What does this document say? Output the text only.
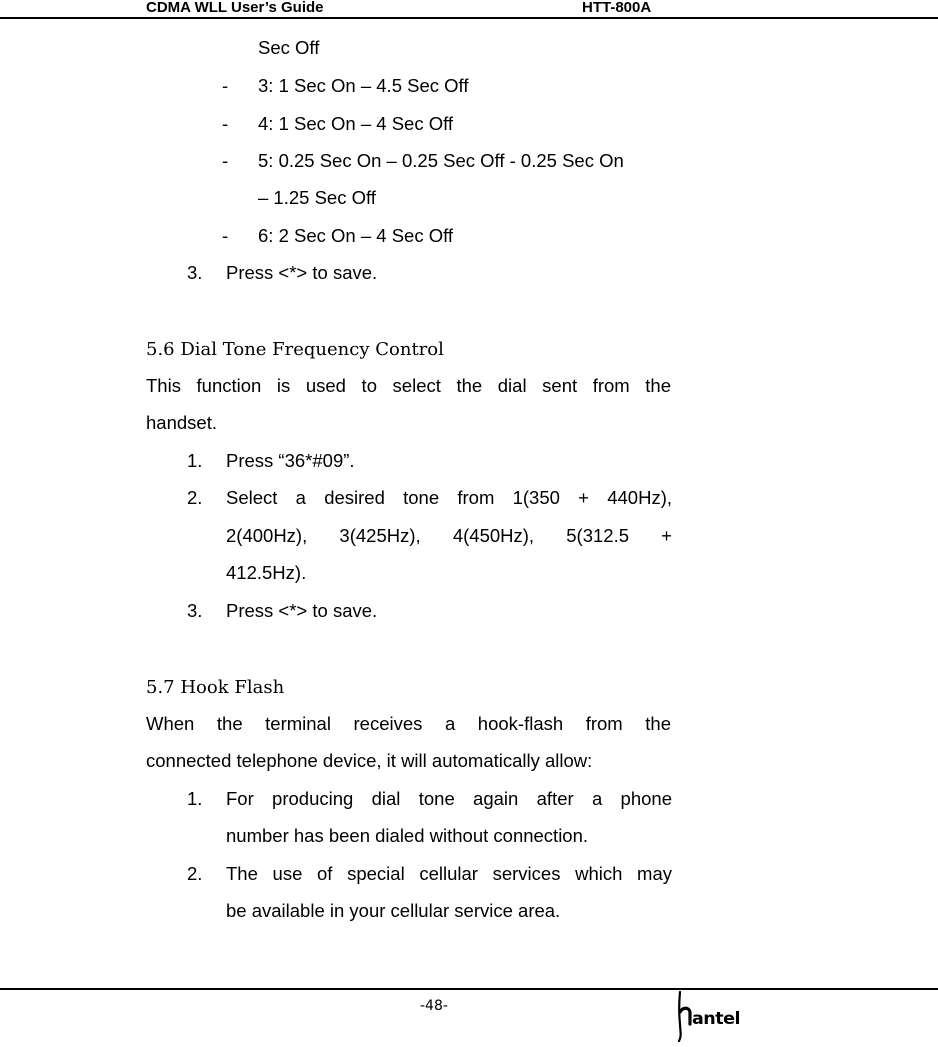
CDMA WLL User’s Guide	HTT-800A
Sec Off
- 3: 1 Sec On – 4.5 Sec Off
- 4: 1 Sec On – 4 Sec Off
- 5: 0.25 Sec On – 0.25 Sec Off - 0.25 Sec On
– 1.25 Sec Off
- 6: 2 Sec On – 4 Sec Off
3. Press <*> to save.
5.6 Dial Tone Frequency Control
This function is used to select the dial sent from the
handset.
1. Press “36*#09”.
2. Select a desired tone from 1(350 + 440Hz),
2(400Hz), 3(425Hz), 4(450Hz), 5(312.5 +
412.5Hz).
3. Press <*> to save.
5.7 Hook Flash
When the terminal receives a hook-flash from the
connected telephone device, it will automatically allow:
1. For producing dial tone again after a phone
number has been dialed without connection.
2. The use of special cellular services which may
be available in your cellular service area.
-48-
antel
